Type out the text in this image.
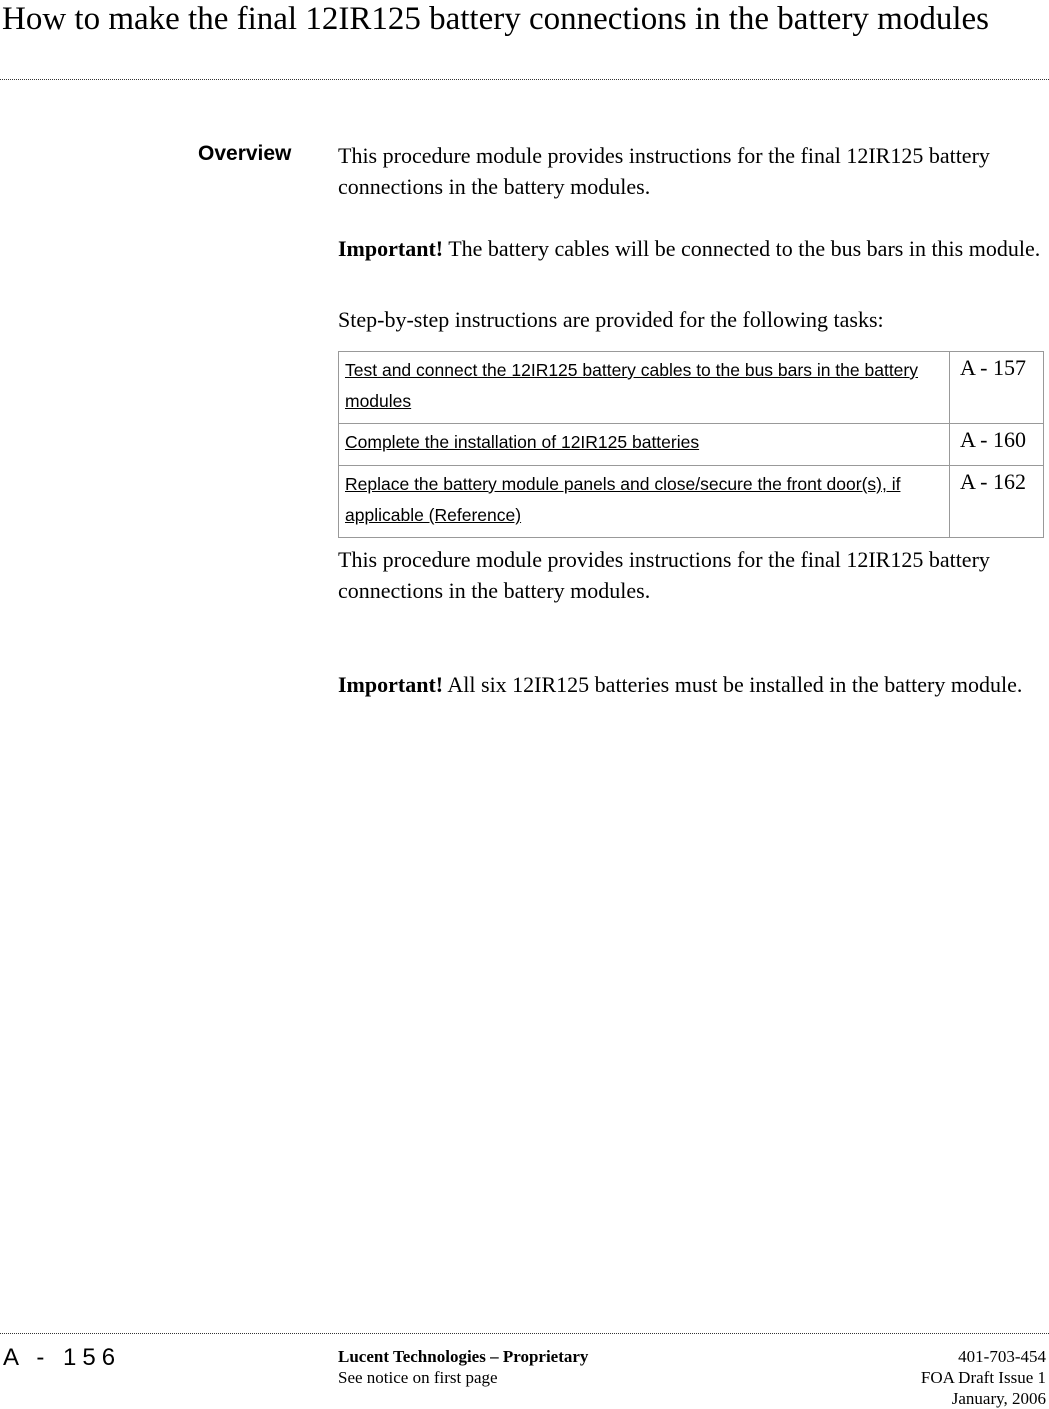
How to make the final 12IR125 battery connections in the battery modules
Overview This procedure module provides instructions for the final 12IR125 battery connections in the battery modules.

Important! The battery cables will be connected to the bus bars in this module.

Step-by-step instructions are provided for the following tasks:

Test and connect the 12IR125 battery cables to the bus bars in the battery modules	A - 157
Complete the installation of 12IR125 batteries	A - 160
Replace the battery module panels and close/secure the front door(s), if applicable (Reference)	A - 162

This procedure module provides instructions for the final 12IR125 battery connections in the battery modules.

Important! All six 12IR125 batteries must be installed in the battery module.

A - 156	Lucent Technologies – Proprietary
See notice on first page
401-703-454
FOA Draft Issue 1
January, 2006
